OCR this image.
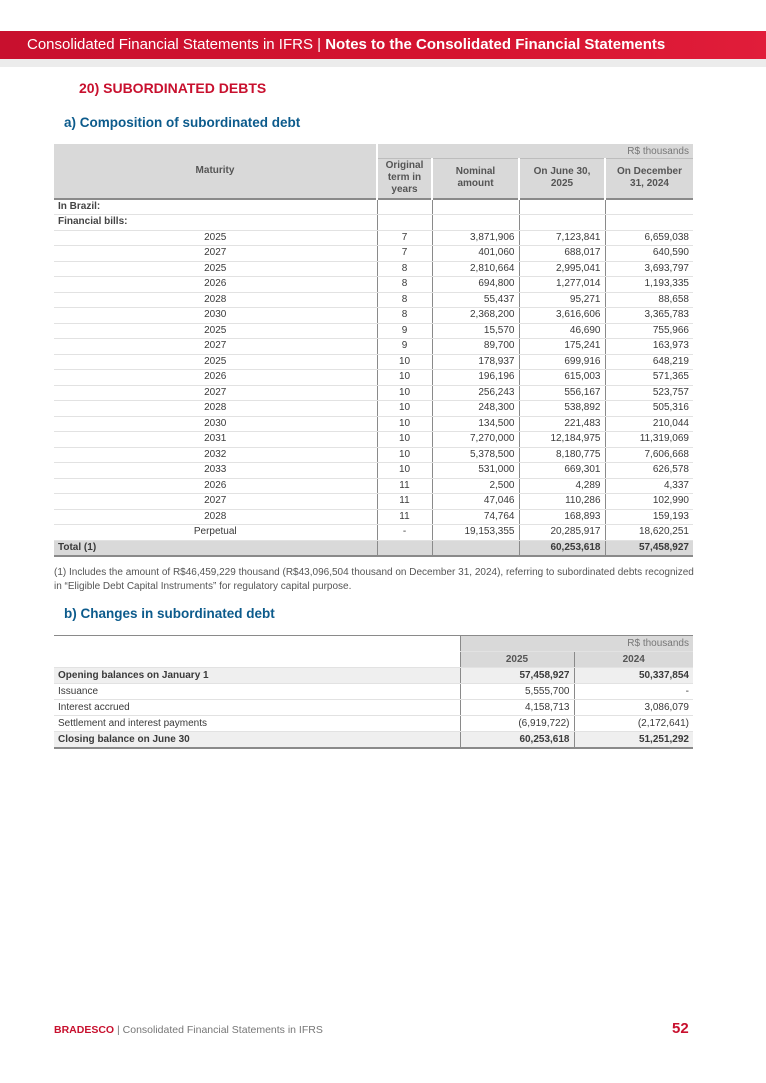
Consolidated Financial Statements in IFRS | Notes to the Consolidated Financial Statements
20) SUBORDINATED DEBTS
a) Composition of subordinated debt
Maturity	R$ thousands			
	Original term in years	Nominal amount	On June 30, 2025	On December 31, 2024
In Brazil:				
Financial bills:				
2025	7	3,871,906	7,123,841	6,659,038
2027	7	401,060	688,017	640,590
2025	8	2,810,664	2,995,041	3,693,797
2026	8	694,800	1,277,014	1,193,335
2028	8	55,437	95,271	88,658
2030	8	2,368,200	3,616,606	3,365,783
2025	9	15,570	46,690	755,966
2027	9	89,700	175,241	163,973
2025	10	178,937	699,916	648,219
2026	10	196,196	615,003	571,365
2027	10	256,243	556,167	523,757
2028	10	248,300	538,892	505,316
2030	10	134,500	221,483	210,044
2031	10	7,270,000	12,184,975	11,319,069
2032	10	5,378,500	8,180,775	7,606,668
2033	10	531,000	669,301	626,578
2026	11	2,500	4,289	4,337
2027	11	47,046	110,286	102,990
2028	11	74,764	168,893	159,193
Perpetual	-	19,153,355	20,285,917	18,620,251
Total (1)			60,253,618	57,458,927
(1) Includes the amount of R$46,459,229 thousand (R$43,096,504 thousand on December 31, 2024), referring to subordinated debts recognized in “Eligible Debt Capital Instruments” for regulatory capital purpose.
b) Changes in subordinated debt
	R$ thousands	
	2025	2024
Opening balances on January 1	57,458,927	50,337,854
Issuance	5,555,700	-
Interest accrued	4,158,713	3,086,079
Settlement and interest payments	(6,919,722)	(2,172,641)
Closing balance on June 30	60,253,618	51,251,292
BRADESCO | Consolidated Financial Statements in IFRS	52
